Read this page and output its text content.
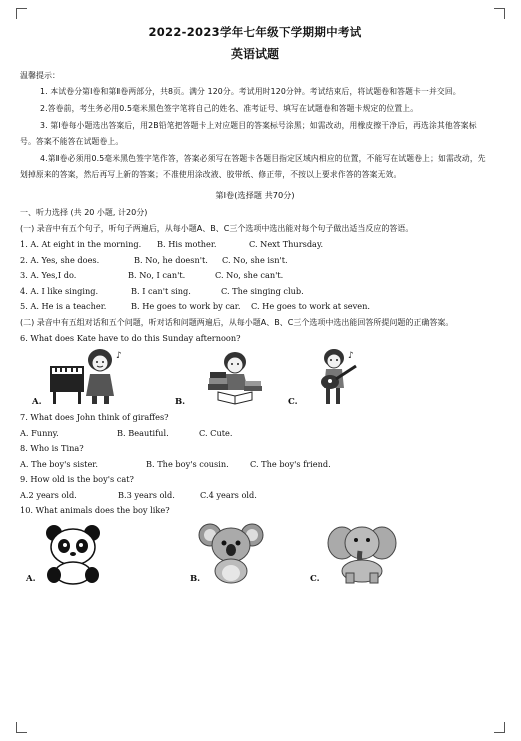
2022-2023学年七年级下学期期中考试
英语试题
温馨提示：
1. 本试卷分第Ⅰ卷和第Ⅱ卷两部分，共8页。满分 120分。考试用时120分钟。考试结束后，将试题卷和答题卡一并交回。
2.答卷前，考生务必用0.5毫米黑色签字笔将自己的姓名、准考证号、填写在试题卷和答题卡规定的位置上。
3. 第Ⅰ卷每小题选出答案后，用2B铅笔把答题卡上对应题目的答案标号涂黑；如需改动，用橡皮擦干净后，再选涂其他答案标号。答案不能答在试题卷上。
4.第Ⅱ卷必须用0.5毫米黑色签字笔作答，答案必须写在答题卡各题目指定区域内相应的位置，不能写在试题卷上；如需改动，先划掉原来的答案，然后再写上新的答案；不准使用涂改液、胶带纸、修正带，不按以上要求作答的答案无效。
第Ⅰ卷(选择题 共70分)
一、听力选择 (共 20 小题, 计20分)
(一) 录音中有五个句子，听句子两遍后，从每小题A、B、C三个选项中选出能对每个句子做出适当反应的答语。
1. A. At eight in the morning.	B. His mother.	C. Next Thursday.
2. A. Yes, she does.	B. No, he doesn't.	C. No, she isn't.
3. A. Yes,I do.	B. No, I can't.	C. No, she can't.
4. A. I like singing.	B. I can't sing.	C. The singing club.
5. A. He is a teacher.	B. He goes to work by car.	C. He goes to work at seven.
(二) 录音中有五组对话和五个问题，听对话和问题两遍后，从每小题A、B、C三个选项中选出能回答所提问题的正确答案。
6. What does Kate have to do this Sunday afternoon?
A.
♪
B.	C.
♪
7. What does John think of giraffes?
A. Funny.	B. Beautiful.	C. Cute.
8. Who is Tina?
A. The boy's sister.	B. The boy's cousin.	C. The boy's friend.
9. How old is the boy's cat?
A.2 years old.	B.3 years old.	C.4 years old.
10. What animals does the boy like?
A.	B.	C.
